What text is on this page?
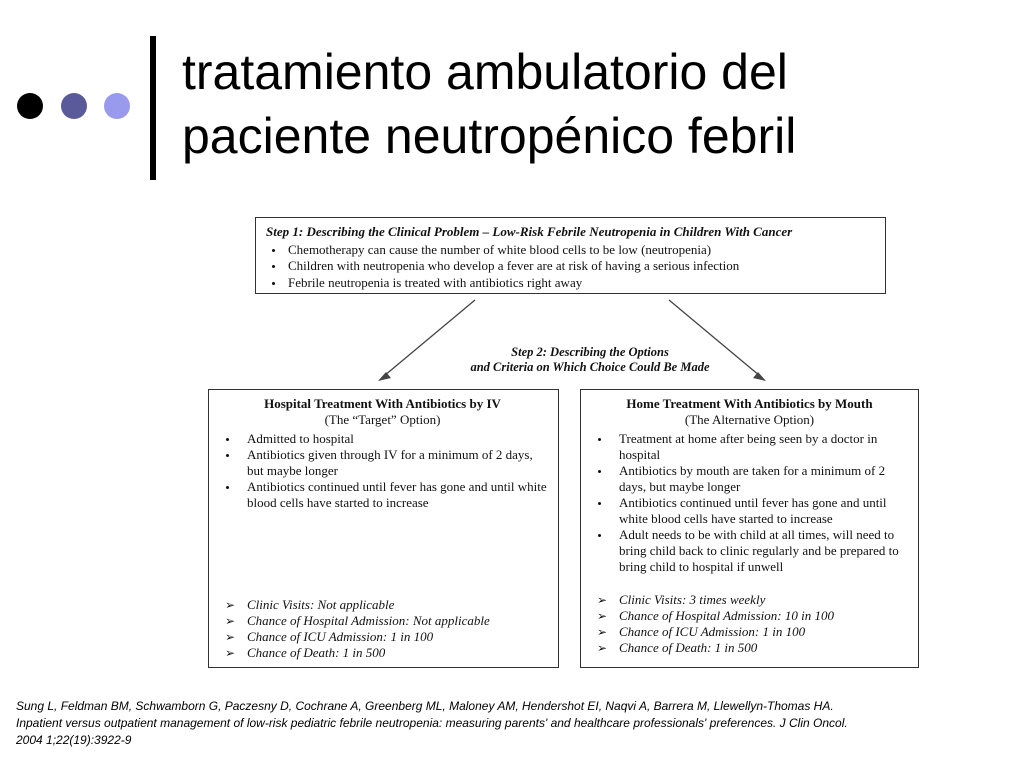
tratamiento ambulatorio del
paciente neutropénico febril
Step 1: Describing the Clinical Problem – Low-Risk Febrile Neutropenia in Children With Cancer
Chemotherapy can cause the number of white blood cells to be low (neutropenia)
Children with neutropenia who develop a fever are at risk of having a serious infection
Febrile neutropenia is treated with antibiotics right away
Step 2: Describing the Options
and Criteria on Which Choice Could Be Made
Hospital Treatment With Antibiotics by IV
(The “Target” Option)
Admitted to hospital
Antibiotics given through IV for a minimum of 2 days, but maybe longer
Antibiotics continued until fever has gone and until white blood cells have started to increase
➢ Clinic Visits: Not applicable
➢ Chance of Hospital Admission: Not applicable
➢ Chance of ICU Admission: 1 in 100
➢ Chance of Death: 1 in 500
Home Treatment With Antibiotics by Mouth
(The Alternative Option)
Treatment at home after being seen by a doctor in hospital
Antibiotics by mouth are taken for a minimum of 2 days, but maybe longer
Antibiotics continued until fever has gone and until white blood cells have started to increase
Adult needs to be with child at all times, will need to bring child back to clinic regularly and be prepared to bring child to hospital if unwell
➢ Clinic Visits: 3 times weekly
➢ Chance of Hospital Admission: 10 in 100
➢ Chance of ICU Admission: 1 in 100
➢ Chance of Death: 1 in 500
Sung L, Feldman BM, Schwamborn G, Paczesny D, Cochrane A, Greenberg ML, Maloney AM, Hendershot EI, Naqvi A, Barrera M, Llewellyn-Thomas HA.
Inpatient versus outpatient management of low-risk pediatric febrile neutropenia: measuring parents' and healthcare professionals' preferences. J Clin Oncol.
2004 1;22(19):3922-9
